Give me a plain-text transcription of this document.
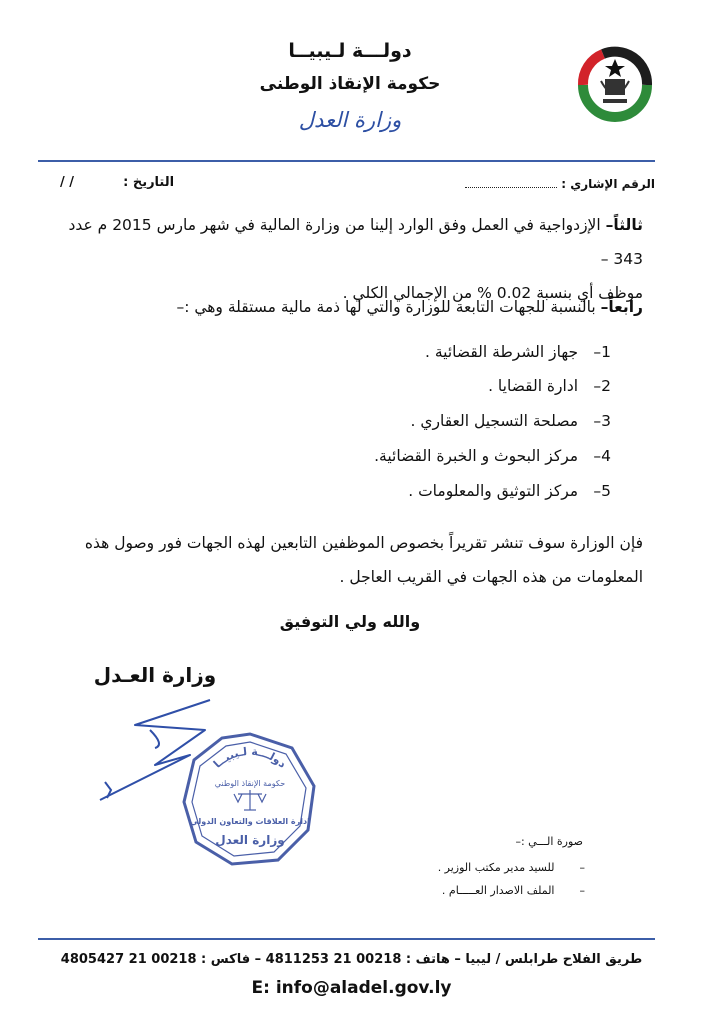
دولـــة لـيبيــا
حكومة الإنقاذ الوطنى
وزارة العدل
التاريخ :  / /	الرقم الإشاري :
ثالثاً– الإزدواجية في العمل وفق الوارد إلينا من وزارة المالية في شهر مارس 2015 م عدد 343 –
موظف أي بنسبة 0.02 % من الإجمالي الكلي .
رابعاً– بالنسبة للجهات التابعة للوزارة والتي لها ذمة مالية مستقلة وهي :–
1– جهاز الشرطة القضائية .
2– ادارة القضايا .
3– مصلحة التسجيل العقاري .
4– مركز البحوث و الخبرة القضائية.
5– مركز التوثيق والمعلومات .
فإن الوزارة سوف تنشر تقريراً بخصوص الموظفين التابعين لهذه الجهات فور وصول هذه
المعلومات من هذه الجهات في القريب العاجل .
والله ولي التوفيق
وزارة العـدل
دولـــة لـيبيــا
حكومة الإنقاذ الوطني
إدارة العلاقات والتعاون الدولي
وزارة العدل	صورة الـــي :–
–  للسيد مدير مكتب الوزير .
–  الملف الاصدار العـــــام .
طريق الفلاح طرابلس / ليبيا – هاتف : 00218 21 4811253 – فاكس : 00218 21 4805427
E: info@aladel.gov.ly
